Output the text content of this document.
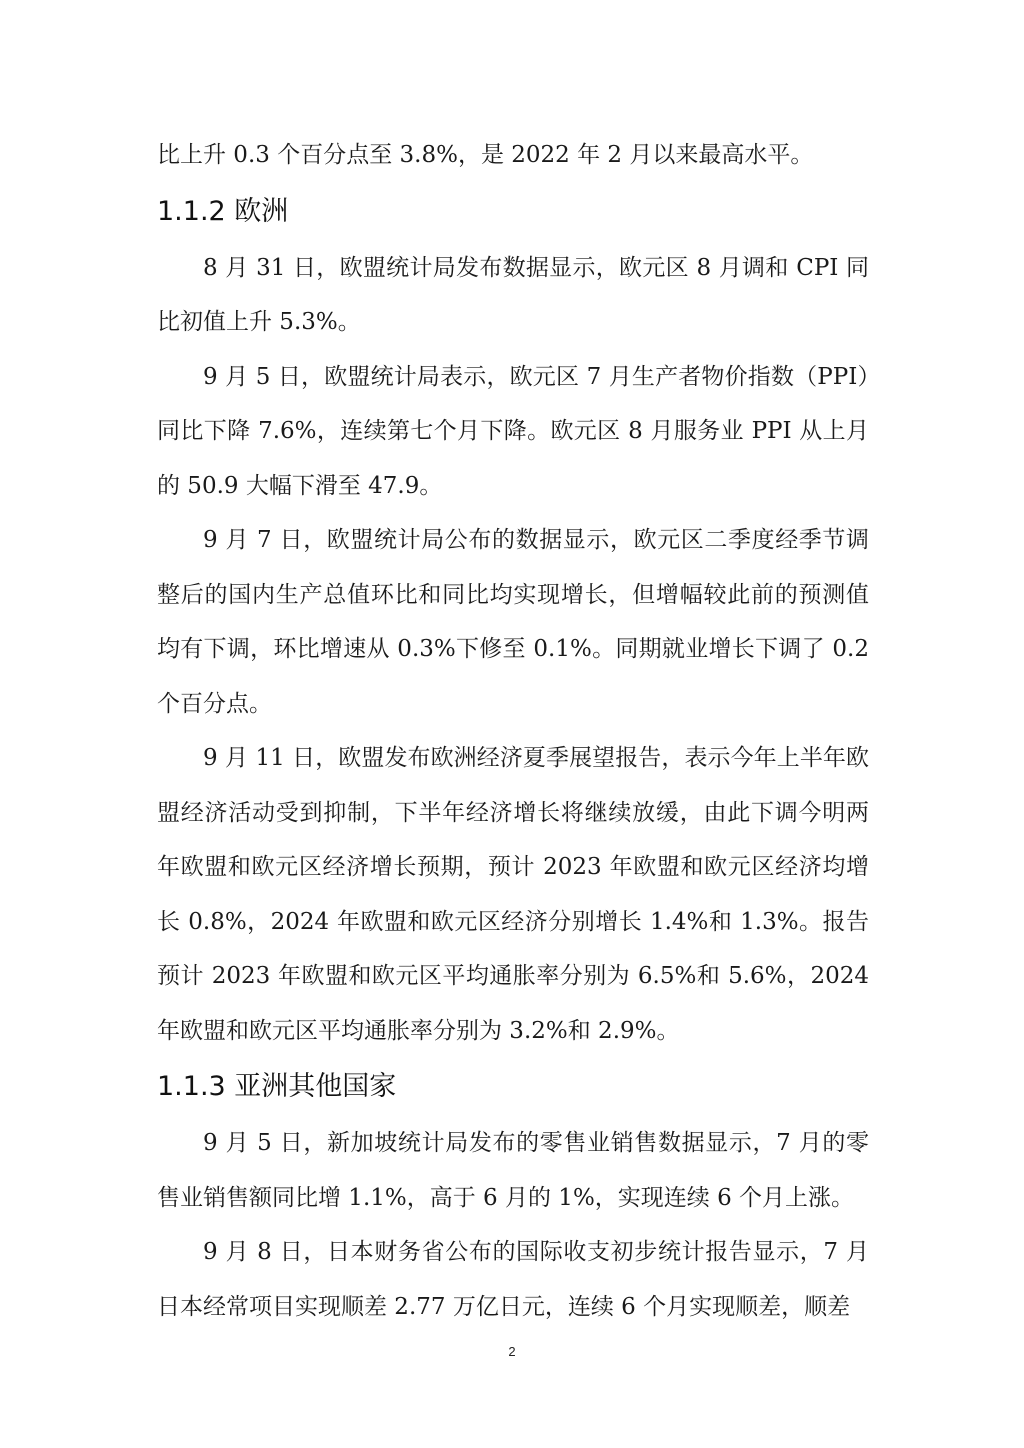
比上升 0.3 个百分点至 3.8%，是 2022 年 2 月以来最高水平。

1.1.2 欧洲

8 月 31 日，欧盟统计局发布数据显示，欧元区 8 月调和 CPI 同比初值上升 5.3%。

9 月 5 日，欧盟统计局表示，欧元区 7 月生产者物价指数（PPI）同比下降 7.6%，连续第七个月下降。欧元区 8 月服务业 PPI 从上月的 50.9 大幅下滑至 47.9。

9 月 7 日，欧盟统计局公布的数据显示，欧元区二季度经季节调整后的国内生产总值环比和同比均实现增长，但增幅较此前的预测值均有下调，环比增速从 0.3%下修至 0.1%。同期就业增长下调了 0.2 个百分点。

9 月 11 日，欧盟发布欧洲经济夏季展望报告，表示今年上半年欧盟经济活动受到抑制，下半年经济增长将继续放缓，由此下调今明两年欧盟和欧元区经济增长预期，预计 2023 年欧盟和欧元区经济均增长 0.8%，2024 年欧盟和欧元区经济分别增长 1.4%和 1.3%。报告预计 2023 年欧盟和欧元区平均通胀率分别为 6.5%和 5.6%，2024 年欧盟和欧元区平均通胀率分别为 3.2%和 2.9%。

1.1.3 亚洲其他国家

9 月 5 日，新加坡统计局发布的零售业销售数据显示，7 月的零售业销售额同比增 1.1%，高于 6 月的 1%，实现连续 6 个月上涨。

9 月 8 日，日本财务省公布的国际收支初步统计报告显示，7 月日本经常项目实现顺差 2.77 万亿日元，连续 6 个月实现顺差，顺差

2
